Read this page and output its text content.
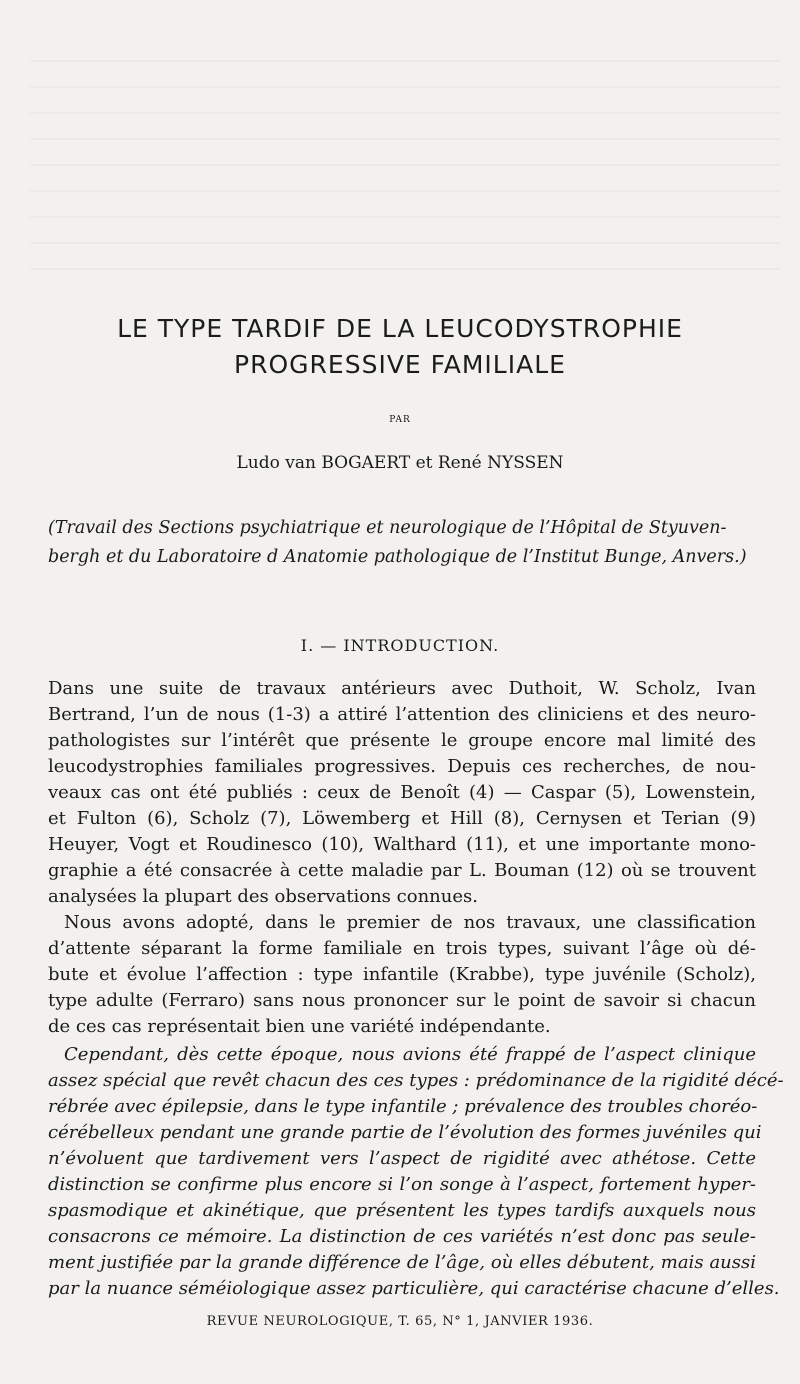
LE TYPE TARDIF DE LA LEUCODYSTROPHIE
PROGRESSIVE FAMILIALE
PAR
Ludo van BOGAERT et René NYSSEN
(Travail des Sections psychiatrique et neurologique de l’Hôpital de Styuven-
bergh et du Laboratoire d Anatomie pathologique de l’Institut Bunge, Anvers.)
I. — INTRODUCTION.
Dans une suite de travaux antérieurs avec Duthoit, W. Scholz, Ivan
Bertrand, l’un de nous (1-3) a attiré l’attention des cliniciens et des neuro-
pathologistes sur l’intérêt que présente le groupe encore mal limité des
leucodystrophies familiales progressives. Depuis ces recherches, de nou-
veaux cas ont été publiés : ceux de Benoît (4) — Caspar (5), Lowenstein,
et Fulton (6), Scholz (7), Löwemberg et Hill (8), Cernysen et Terian (9)
Heuyer, Vogt et Roudinesco (10), Walthard (11), et une importante mono-
graphie a été consacrée à cette maladie par L. Bouman (12) où se trouvent
analysées la plupart des observations connues.
Nous avons adopté, dans le premier de nos travaux, une classification
d’attente séparant la forme familiale en trois types, suivant l’âge où dé-
bute et évolue l’affection : type infantile (Krabbe), type juvénile (Scholz),
type adulte (Ferraro) sans nous prononcer sur le point de savoir si chacun
de ces cas représentait bien une variété indépendante.
Cependant, dès cette époque, nous avions été frappé de l’aspect clinique
assez spécial que revêt chacun des ces types : prédominance de la rigidité décé-
rébrée avec épilepsie, dans le type infantile ; prévalence des troubles choréo-
cérébelleux pendant une grande partie de l’évolution des formes juvéniles qui
n’évoluent que tardivement vers l’aspect de rigidité avec athétose. Cette
distinction se confirme plus encore si l’on songe à l’aspect, fortement hyper-
spasmodique et akinétique, que présentent les types tardifs auxquels nous
consacrons ce mémoire. La distinction de ces variétés n’est donc pas seule-
ment justifiée par la grande différence de l’âge, où elles débutent, mais aussi
par la nuance séméiologique assez particulière, qui caractérise chacune d’elles.
REVUE NEUROLOGIQUE, T. 65, N° 1, JANVIER 1936.
